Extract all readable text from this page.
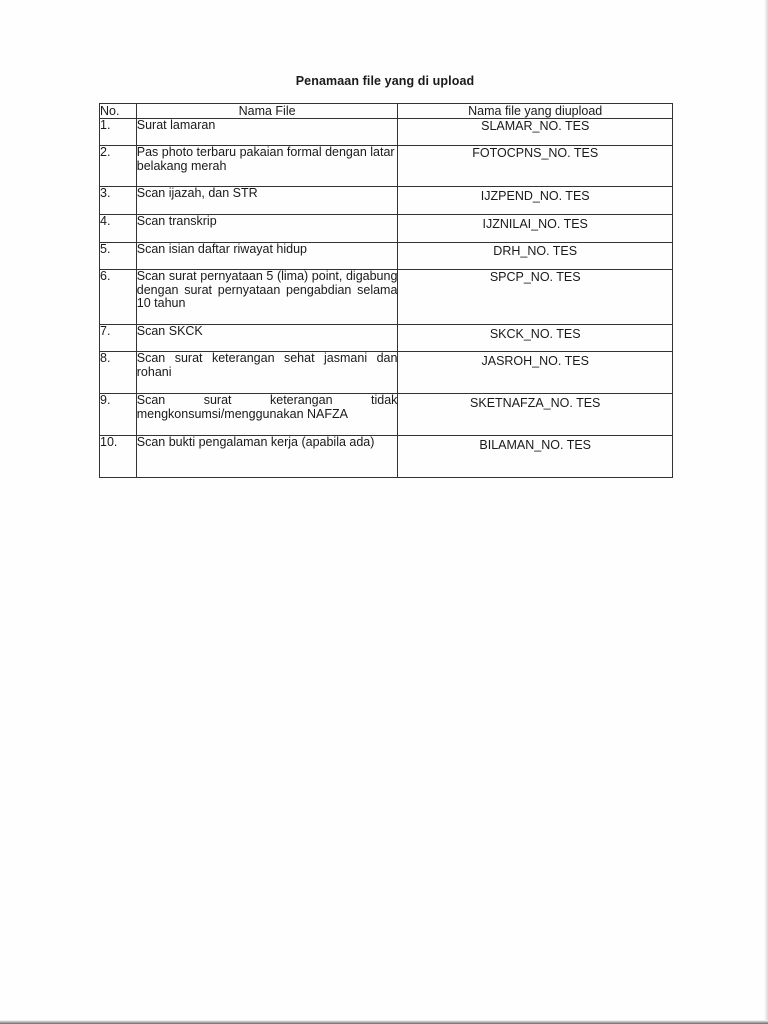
Penamaan file yang di upload
No.	Nama File	Nama file yang diupload
1.	Surat lamaran	SLAMAR_NO. TES

2.	Pas photo terbaru pakaian formal dengan latar belakang merah	FOTOCPNS_NO. TES

3.	Scan ijazah, dan STR	IJZPEND_NO. TES

4.	Scan transkrip	IJZNILAI_NO. TES

5.	Scan isian daftar riwayat hidup	DRH_NO. TES

6.	Scan surat pernyataan 5 (lima) point, digabung dengan surat pernyataan pengabdian selama 10 tahun	SPCP_NO. TES

7.	Scan SKCK	SKCK_NO. TES

8.	Scan surat keterangan sehat jasmani dan rohani	JASROH_NO. TES

9.	Scan surat keterangan tidak mengkonsumsi/menggunakan NAFZA	SKETNAFZA_NO. TES

10.	Scan bukti pengalaman kerja (apabila ada)	BILAMAN_NO. TES
